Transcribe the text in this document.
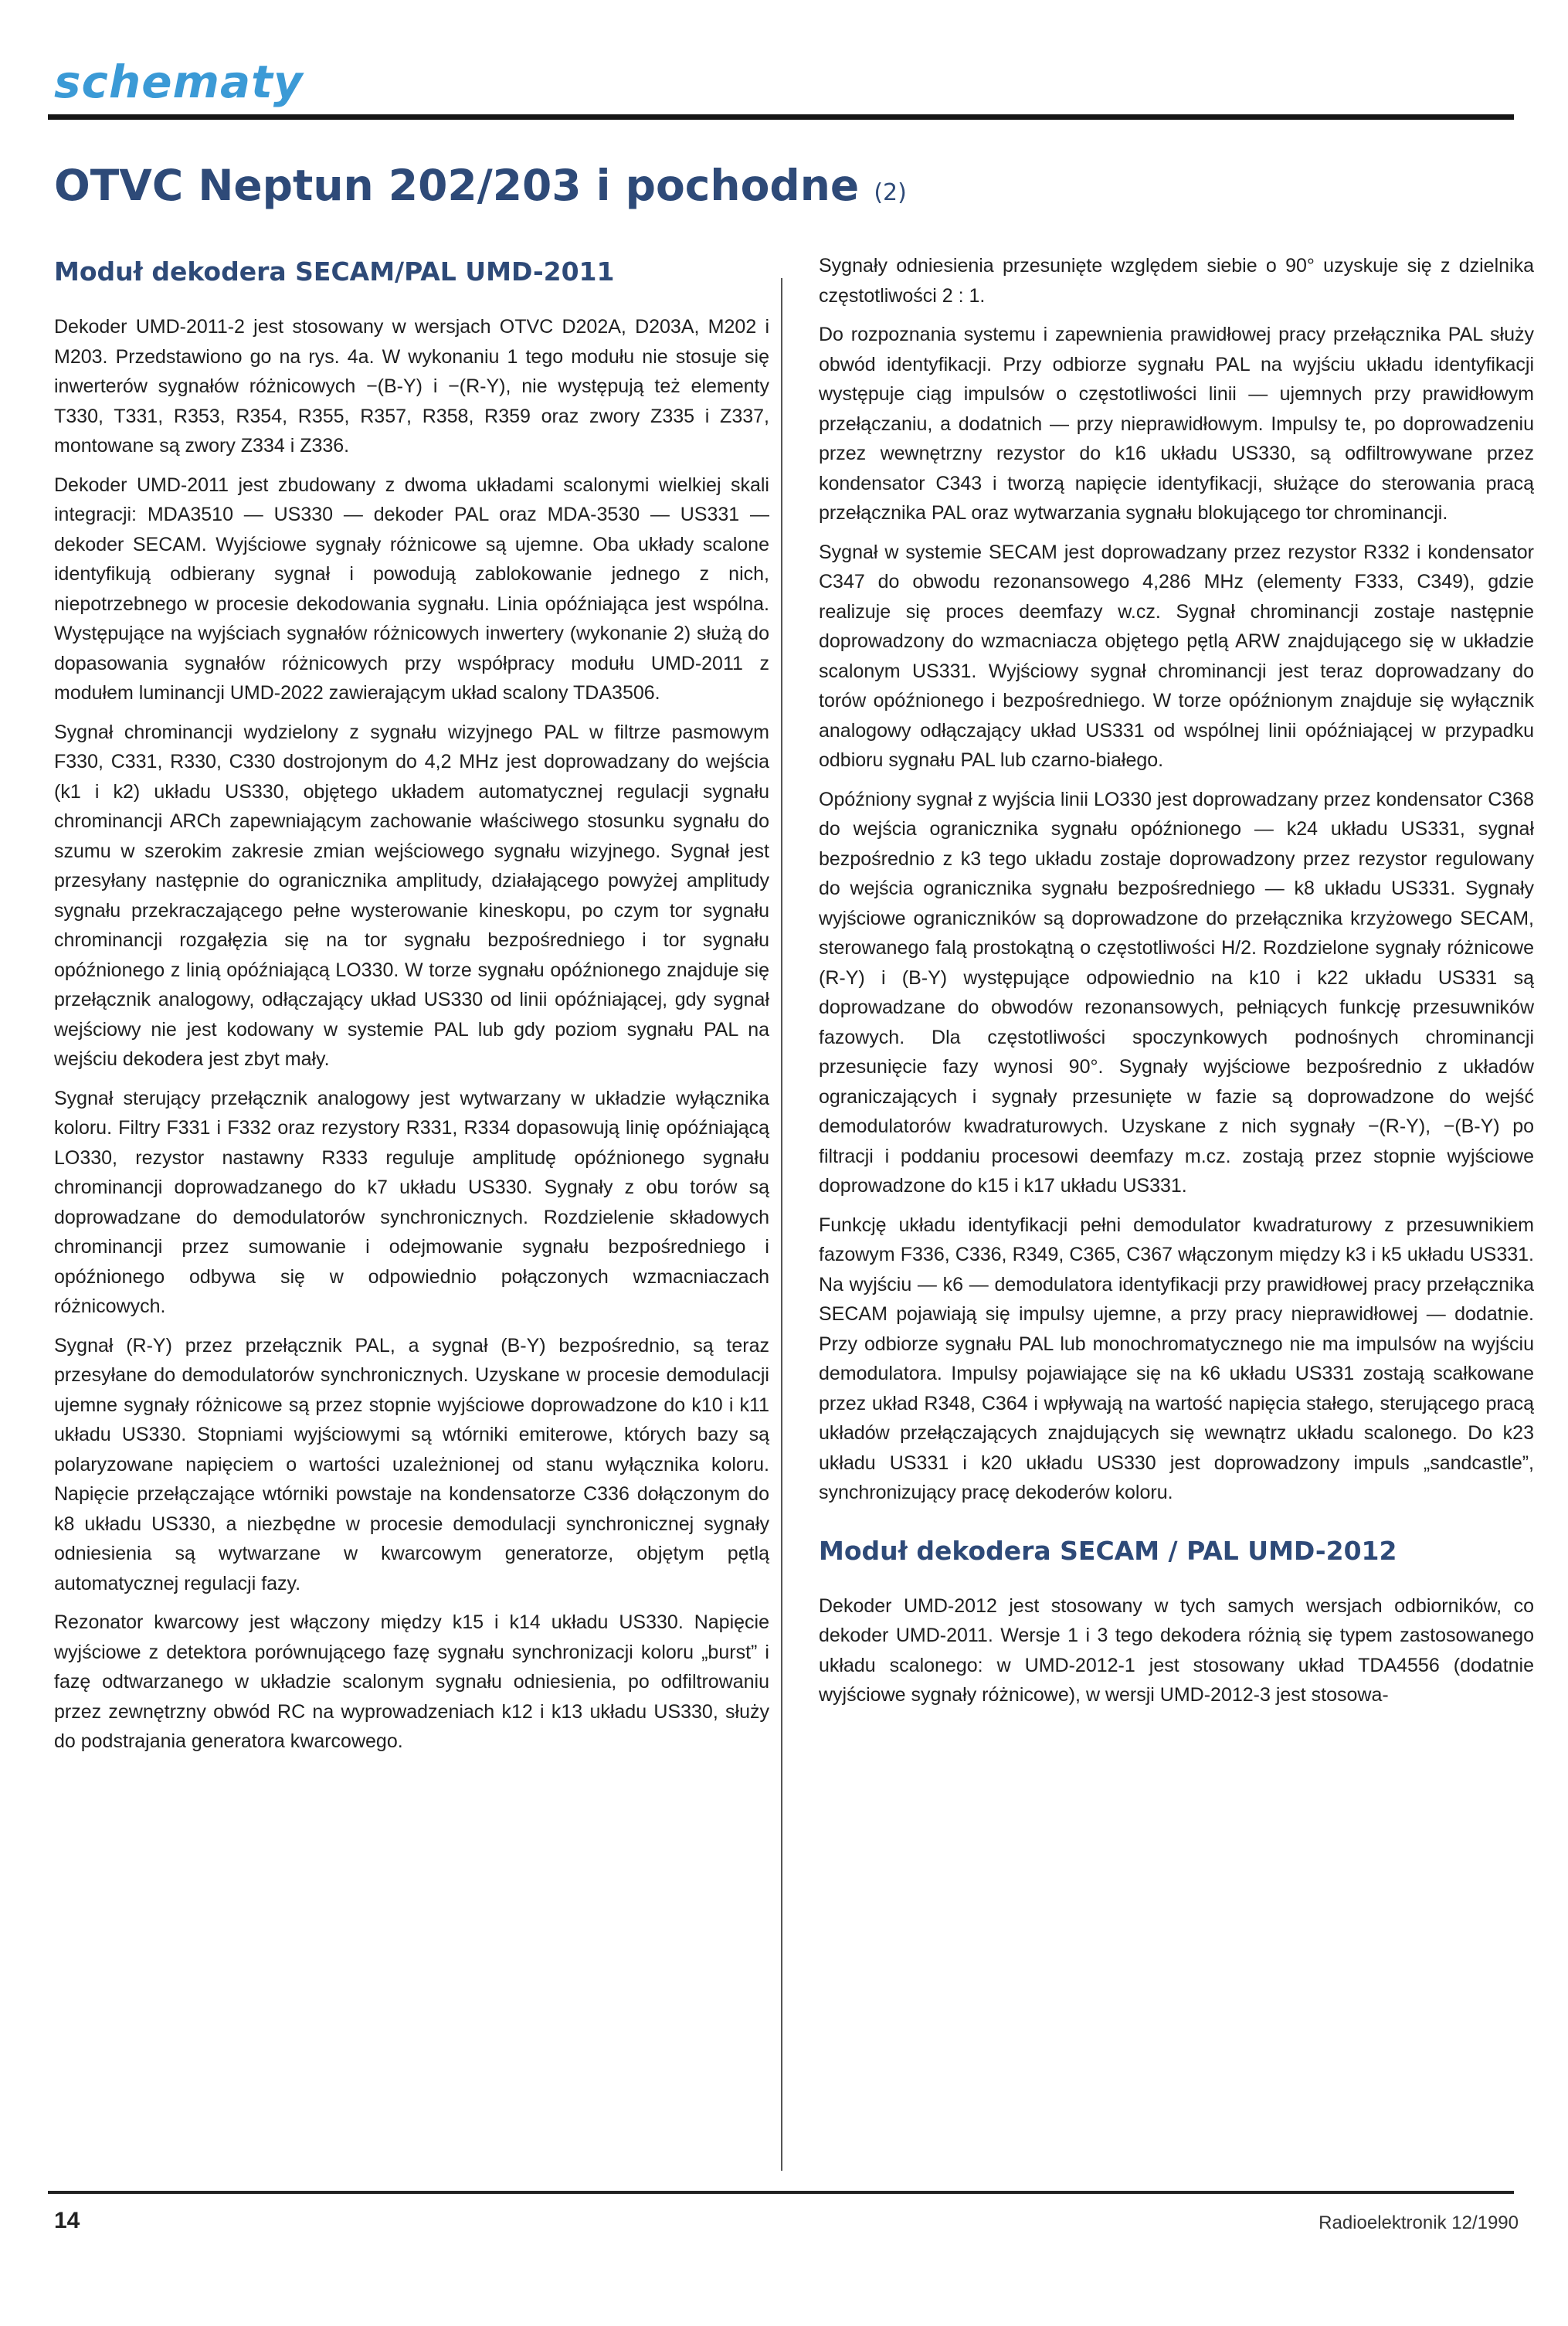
schematy
OTVC Neptun 202/203 i pochodne (2)
Moduł dekodera SECAM/PAL UMD-2011

Dekoder UMD-2011-2 jest stosowany w wersjach OTVC D202A, D203A, M202 i M203. Przedstawiono go na rys. 4a. W wykonaniu 1 tego modułu nie stosuje się inwerterów sygnałów różnicowych −(B-Y) i −(R-Y), nie występują też elementy T330, T331, R353, R354, R355, R357, R358, R359 oraz zwory Z335 i Z337, montowane są zwory Z334 i Z336.

Dekoder UMD-2011 jest zbudowany z dwoma układami scalonymi wielkiej skali integracji: MDA3510 — US330 — dekoder PAL oraz MDA-3530 — US331 — dekoder SECAM. Wyjściowe sygnały różnicowe są ujemne. Oba układy scalone identyfikują odbierany sygnał i powodują zablokowanie jednego z nich, niepotrzebnego w procesie dekodowania sygnału. Linia opóźniająca jest wspólna. Występujące na wyjściach sygnałów różnicowych inwertery (wykonanie 2) służą do dopasowania sygnałów różnicowych przy współpracy modułu UMD-2011 z modułem luminancji UMD-2022 zawierającym układ scalony TDA3506.

Sygnał chrominancji wydzielony z sygnału wizyjnego PAL w filtrze pasmowym F330, C331, R330, C330 dostrojonym do 4,2 MHz jest doprowadzany do wejścia (k1 i k2) układu US330, objętego układem automatycznej regulacji sygnału chrominancji ARCh zapewniającym zachowanie właściwego stosunku sygnału do szumu w szerokim zakresie zmian wejściowego sygnału wizyjnego. Sygnał jest przesyłany następnie do ogranicznika amplitudy, działającego powyżej amplitudy sygnału przekraczającego pełne wysterowanie kineskopu, po czym tor sygnału chrominancji rozgałęzia się na tor sygnału bezpośredniego i tor sygnału opóźnionego z linią opóźniającą LO330. W torze sygnału opóźnionego znajduje się przełącznik analogowy, odłączający układ US330 od linii opóźniającej, gdy sygnał wejściowy nie jest kodowany w systemie PAL lub gdy poziom sygnału PAL na wejściu dekodera jest zbyt mały.

Sygnał sterujący przełącznik analogowy jest wytwarzany w układzie wyłącznika koloru. Filtry F331 i F332 oraz rezystory R331, R334 dopasowują linię opóźniającą LO330, rezystor nastawny R333 reguluje amplitudę opóźnionego sygnału chrominancji doprowadzanego do k7 układu US330. Sygnały z obu torów są doprowadzane do demodulatorów synchronicznych. Rozdzielenie składowych chrominancji przez sumowanie i odejmowanie sygnału bezpośredniego i opóźnionego odbywa się w odpowiednio połączonych wzmacniaczach różnicowych.

Sygnał (R-Y) przez przełącznik PAL, a sygnał (B-Y) bezpośrednio, są teraz przesyłane do demodulatorów synchronicznych. Uzyskane w procesie demodulacji ujemne sygnały różnicowe są przez stopnie wyjściowe doprowadzone do k10 i k11 układu US330. Stopniami wyjściowymi są wtórniki emiterowe, których bazy są polaryzowane napięciem o wartości uzależnionej od stanu wyłącznika koloru. Napięcie przełączające wtórniki powstaje na kondensatorze C336 dołączonym do k8 układu US330, a niezbędne w procesie demodulacji synchronicznej sygnały odniesienia są wytwarzane w kwarcowym generatorze, objętym pętlą automatycznej regulacji fazy.

Rezonator kwarcowy jest włączony między k15 i k14 układu US330. Napięcie wyjściowe z detektora porównującego fazę sygnału synchronizacji koloru „burst” i fazę odtwarzanego w układzie scalonym sygnału odniesienia, po odfiltrowaniu przez zewnętrzny obwód RC na wyprowadzeniach k12 i k13 układu US330, służy do podstrajania generatora kwarcowego.

Sygnały odniesienia przesunięte względem siebie o 90° uzyskuje się z dzielnika częstotliwości 2 : 1.

Do rozpoznania systemu i zapewnienia prawidłowej pracy przełącznika PAL służy obwód identyfikacji. Przy odbiorze sygnału PAL na wyjściu układu identyfikacji występuje ciąg impulsów o częstotliwości linii — ujemnych przy prawidłowym przełączaniu, a dodatnich — przy nieprawidłowym. Impulsy te, po doprowadzeniu przez wewnętrzny rezystor do k16 układu US330, są odfiltrowywane przez kondensator C343 i tworzą napięcie identyfikacji, służące do sterowania pracą przełącznika PAL oraz wytwarzania sygnału blokującego tor chrominancji.

Sygnał w systemie SECAM jest doprowadzany przez rezystor R332 i kondensator C347 do obwodu rezonansowego 4,286 MHz (elementy F333, C349), gdzie realizuje się proces deemfazy w.cz. Sygnał chrominancji zostaje następnie doprowadzony do wzmacniacza objętego pętlą ARW znajdującego się w układzie scalonym US331. Wyjściowy sygnał chrominancji jest teraz doprowadzany do torów opóźnionego i bezpośredniego. W torze opóźnionym znajduje się wyłącznik analogowy odłączający układ US331 od wspólnej linii opóźniającej w przypadku odbioru sygnału PAL lub czarno-białego.

Opóźniony sygnał z wyjścia linii LO330 jest doprowadzany przez kondensator C368 do wejścia ogranicznika sygnału opóźnionego — k24 układu US331, sygnał bezpośrednio z k3 tego układu zostaje doprowadzony przez rezystor regulowany do wejścia ogranicznika sygnału bezpośredniego — k8 układu US331. Sygnały wyjściowe ograniczników są doprowadzone do przełącznika krzyżowego SECAM, sterowanego falą prostokątną o częstotliwości H/2. Rozdzielone sygnały różnicowe (R-Y) i (B-Y) występujące odpowiednio na k10 i k22 układu US331 są doprowadzane do obwodów rezonansowych, pełniących funkcję przesuwników fazowych. Dla częstotliwości spoczynkowych podnośnych chrominancji przesunięcie fazy wynosi 90°. Sygnały wyjściowe bezpośrednio z układów ograniczających i sygnały przesunięte w fazie są doprowadzone do wejść demodulatorów kwadraturowych. Uzyskane z nich sygnały −(R-Y), −(B-Y) po filtracji i poddaniu procesowi deemfazy m.cz. zostają przez stopnie wyjściowe doprowadzone do k15 i k17 układu US331.

Funkcję układu identyfikacji pełni demodulator kwadraturowy z przesuwnikiem fazowym F336, C336, R349, C365, C367 włączonym między k3 i k5 układu US331. Na wyjściu — k6 — demodulatora identyfikacji przy prawidłowej pracy przełącznika SECAM pojawiają się impulsy ujemne, a przy pracy nieprawidłowej — dodatnie. Przy odbiorze sygnału PAL lub monochromatycznego nie ma impulsów na wyjściu demodulatora. Impulsy pojawiające się na k6 układu US331 zostają scałkowane przez układ R348, C364 i wpływają na wartość napięcia stałego, sterującego pracą układów przełączających znajdujących się wewnątrz układu scalonego. Do k23 układu US331 i k20 układu US330 jest doprowadzony impuls „sandcastle”, synchronizujący pracę dekoderów koloru.

Moduł dekodera SECAM / PAL UMD-2012

Dekoder UMD-2012 jest stosowany w tych samych wersjach odbiorników, co dekoder UMD-2011. Wersje 1 i 3 tego dekodera różnią się typem zastosowanego układu scalonego: w UMD-2012-1 jest stosowany układ TDA4556 (dodatnie wyjściowe sygnały różnicowe), w wersji UMD-2012-3 jest stosowa-

14	Radioelektronik 12/1990
